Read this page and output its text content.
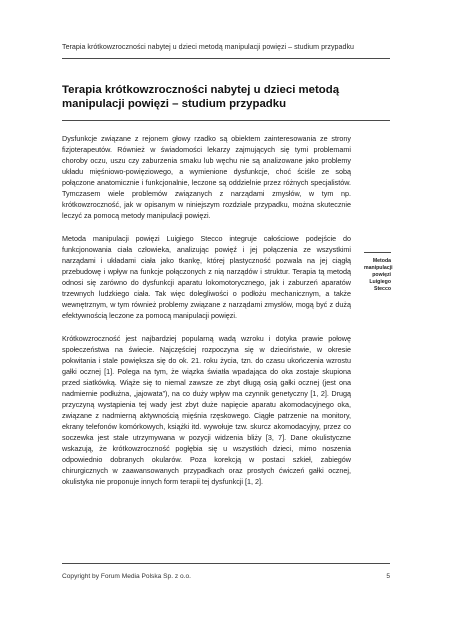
Terapia krótkowzroczności nabytej u dzieci metodą manipulacji powięzi – studium przypadku
Terapia krótkowzroczności nabytej u dzieci metodą manipulacji powięzi – studium przypadku

Dysfunkcje związane z rejonem głowy rzadko są obiektem zainteresowania ze strony fizjoterapeutów. Również w świadomości lekarzy zajmujących się tymi problemami choroby oczu, uszu czy zaburzenia smaku lub węchu nie są analizowane jako problemy układu mięśniowo-powięziowego, a wymienione dysfunkcje, choć ściśle ze sobą połączone anatomicznie i funkcjonalnie, leczone są oddzielnie przez różnych specjalistów. Tymczasem wiele problemów związanych z narządami zmysłów, w tym np. krótkowzroczność, jak w opisanym w niniejszym rozdziale przypadku, można skutecznie leczyć za pomocą metody manipulacji powięzi.

Metoda manipulacji powięzi Luigiego Stecco integruje całościowe podejście do funkcjonowania ciała człowieka, analizując powięź i jej połączenia ze wszystkimi narządami i układami ciała jako tkankę, której plastyczność pozwala na jej ciągłą przebudowę i wpływ na funkcje połączonych z nią narządów i struktur. Terapia tą metodą odnosi się zarówno do dysfunkcji aparatu lokomotorycznego, jak i zaburzeń aparatów trzewnych ludzkiego ciała. Tak więc dolegliwości o podłożu mechanicznym, a także wewnętrznym, w tym również problemy związane z narządami zmysłów, mogą być z dużą efektywnością leczone za pomocą manipulacji powięzi.

Krótkowzroczność jest najbardziej popularną wadą wzroku i dotyka prawie połowę społeczeństwa na świecie. Najczęściej rozpoczyna się w dzieciństwie, w okresie pokwitania i stale powiększa się do ok. 21. roku życia, tzn. do czasu ukończenia wzrostu gałki ocznej [1]. Polega na tym, że wiązka światła wpadająca do oka zostaje skupiona przed siatkówką. Wiąże się to niemal zawsze ze zbyt długą osią gałki ocznej (jest ona nadmiernie podłużna, „jajowata”), na co duży wpływ ma czynnik genetyczny [1, 2]. Drugą przyczyną wystąpienia tej wady jest zbyt duże napięcie aparatu akomodacyjnego oka, związane z nadmierną aktywnością mięśnia rzęskowego. Ciągłe patrzenie na monitory, ekrany telefonów komórkowych, książki itd. wywołuje tzw. skurcz akomodacyjny, przez co soczewka jest stale utrzymywana w pozycji widzenia bliży [3, 7]. Dane okulistyczne wskazują, że krótkowzroczność pogłębia się u wszystkich dzieci, mimo noszenia odpowiednio dobranych okularów. Poza korekcją w postaci szkieł, zabiegów chirurgicznych w zaawansowanych przypadkach oraz prostych ćwiczeń gałki ocznej, okulistyka nie proponuje innych form terapii tej dysfunkcji [1, 2].

Metoda manipulacji powięzi Luigiego Stecco
Copyright by Forum Media Polska Sp. z o.o.	5
